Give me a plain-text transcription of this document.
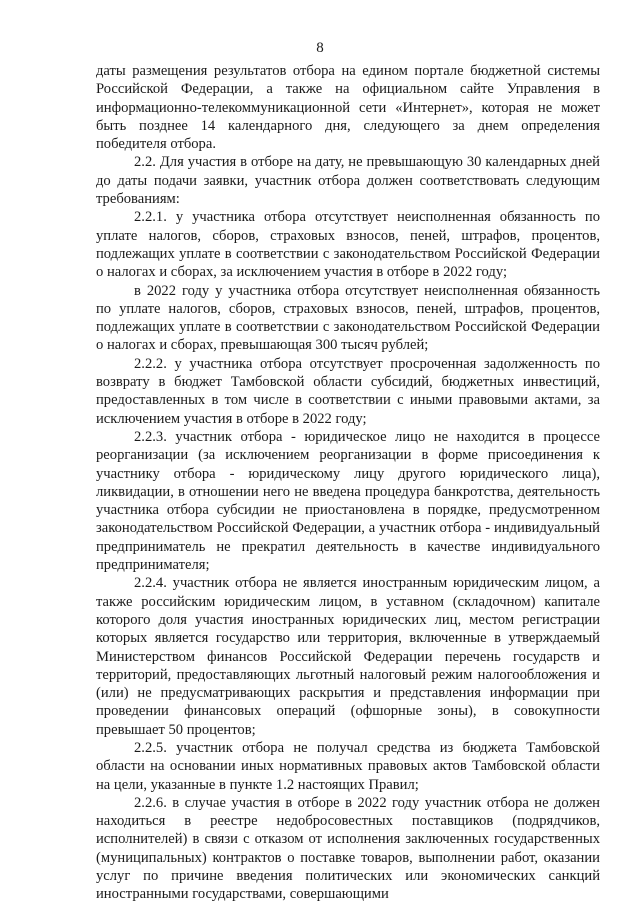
8

даты размещения результатов отбора на едином портале бюджетной системы Российской Федерации, а также на официальном сайте Управления в информационно-телекоммуникационной сети «Интернет», которая не может быть позднее 14 календарного дня, следующего за днем определения победителя отбора.

2.2. Для участия в отборе на дату, не превышающую 30 календарных дней до даты подачи заявки, участник отбора должен соответствовать следующим требованиям:

2.2.1. у участника отбора отсутствует неисполненная обязанность по уплате налогов, сборов, страховых взносов, пеней, штрафов, процентов, подлежащих уплате в соответствии с законодательством Российской Федерации о налогах и сборах, за исключением участия в отборе в 2022 году;

в 2022 году у участника отбора отсутствует неисполненная обязанность по уплате налогов, сборов, страховых взносов, пеней, штрафов, процентов, подлежащих уплате в соответствии с законодательством Российской Федерации о налогах и сборах, превышающая 300 тысяч рублей;

2.2.2. у участника отбора отсутствует просроченная задолженность по возврату в бюджет Тамбовской области субсидий, бюджетных инвестиций, предоставленных в том числе в соответствии с иными правовыми актами, за исключением участия в отборе в 2022 году;

2.2.3. участник отбора - юридическое лицо не находится в процессе реорганизации (за исключением реорганизации в форме присоединения к участнику отбора - юридическому лицу другого юридического лица), ликвидации, в отношении него не введена процедура банкротства, деятельность участника отбора субсидии не приостановлена в порядке, предусмотренном законодательством Российской Федерации, а участник отбора - индивидуальный предприниматель не прекратил деятельность в качестве индивидуального предпринимателя;

2.2.4. участник отбора не является иностранным юридическим лицом, а также российским юридическим лицом, в уставном (складочном) капитале которого доля участия иностранных юридических лиц, местом регистрации которых является государство или территория, включенные в утверждаемый Министерством финансов Российской Федерации перечень государств и территорий, предоставляющих льготный налоговый режим налогообложения и (или) не предусматривающих раскрытия и представления информации при проведении финансовых операций (офшорные зоны), в совокупности превышает 50 процентов;

2.2.5. участник отбора не получал средства из бюджета Тамбовской области на основании иных нормативных правовых актов Тамбовской области на цели, указанные в пункте 1.2 настоящих Правил;

2.2.6. в случае участия в отборе в 2022 году участник отбора не должен находиться в реестре недобросовестных поставщиков (подрядчиков, исполнителей) в связи с отказом от исполнения заключенных государственных (муниципальных) контрактов о поставке товаров, выполнении работ, оказании услуг по причине введения политических или экономических санкций иностранными государствами, совершающими
